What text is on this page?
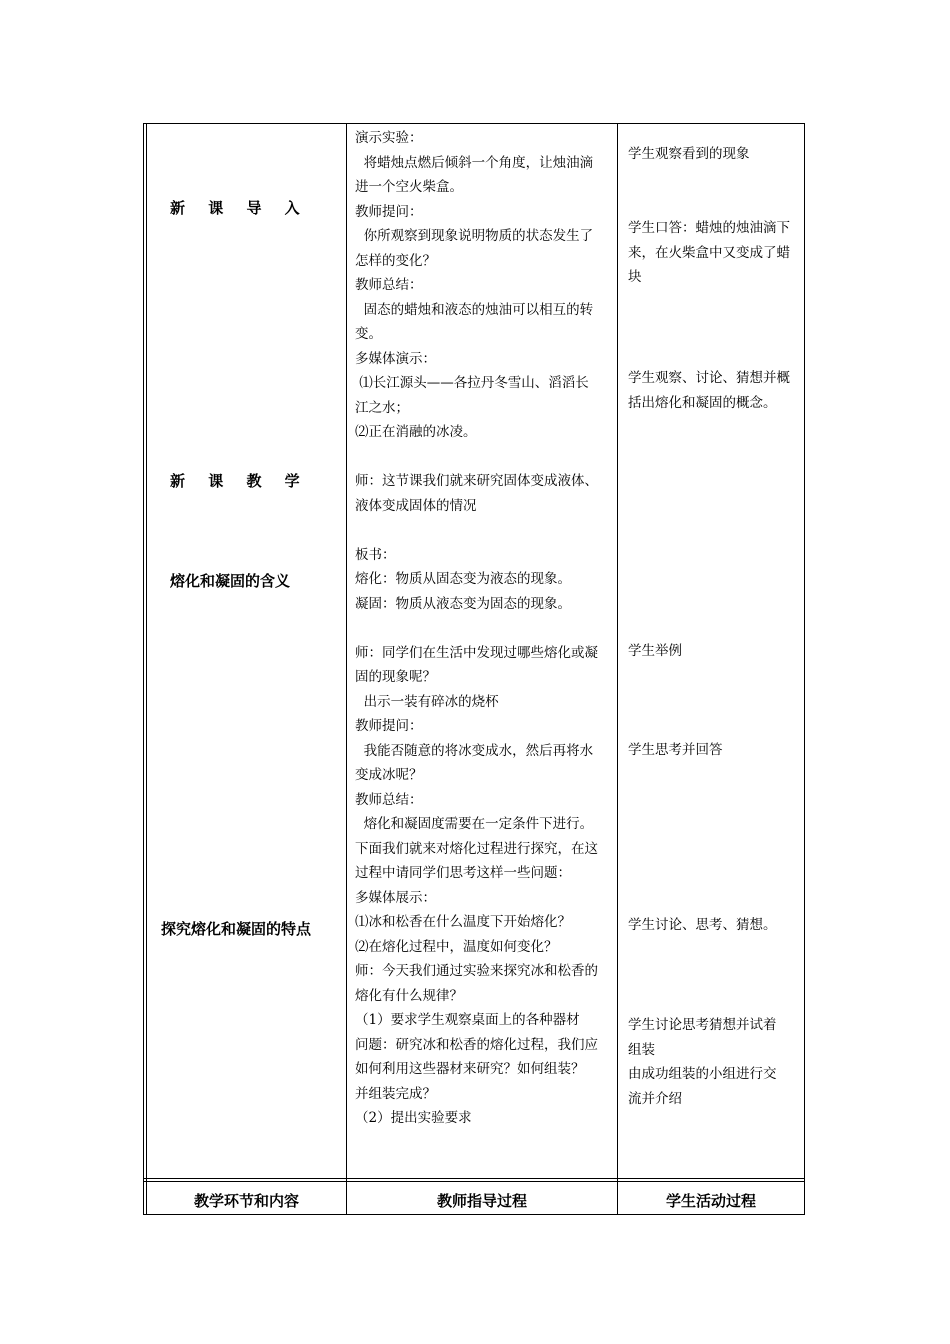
新 课 导 入
新 课 教 学
熔化和凝固的含义
探究熔化和凝固的特点

演示实验：

将蜡烛点燃后倾斜一个角度，让烛油滴

进一个空火柴盒。

教师提问：

你所观察到现象说明物质的状态发生了

怎样的变化？

教师总结：

固态的蜡烛和液态的烛油可以相互的转

变。

多媒体演示：

⑴长江源头——各拉丹冬雪山、滔滔长

江之水；

⑵正在消融的冰凌。

师：这节课我们就来研究固体变成液体、

液体变成固体的情况

板书：

熔化：物质从固态变为液态的现象。

凝固：物质从液态变为固态的现象。

师：同学们在生活中发现过哪些熔化或凝

固的现象呢？

出示一装有碎冰的烧杯

教师提问：

我能否随意的将冰变成水，然后再将水

变成冰呢？

教师总结：

熔化和凝固度需要在一定条件下进行。

下面我们就来对熔化过程进行探究，在这

过程中请同学们思考这样一些问题：

多媒体展示：

⑴冰和松香在什么温度下开始熔化？

⑵在熔化过程中，温度如何变化？

师：今天我们通过实验来探究冰和松香的

熔化有什么规律？

（1）要求学生观察桌面上的各种器材

问题：研究冰和松香的熔化过程，我们应

如何利用这些器材来研究？如何组装？

并组装完成？

（2）提出实验要求

学生观察看到的现象

学生口答：蜡烛的烛油滴下

来，在火柴盒中又变成了蜡

块

学生观察、讨论、猜想并概

括出熔化和凝固的概念。

学生举例

学生思考并回答

学生讨论、思考、猜想。

学生讨论思考猜想并试着

组装

由成功组装的小组进行交

流并介绍

教学环节和内容	教师指导过程	学生活动过程
